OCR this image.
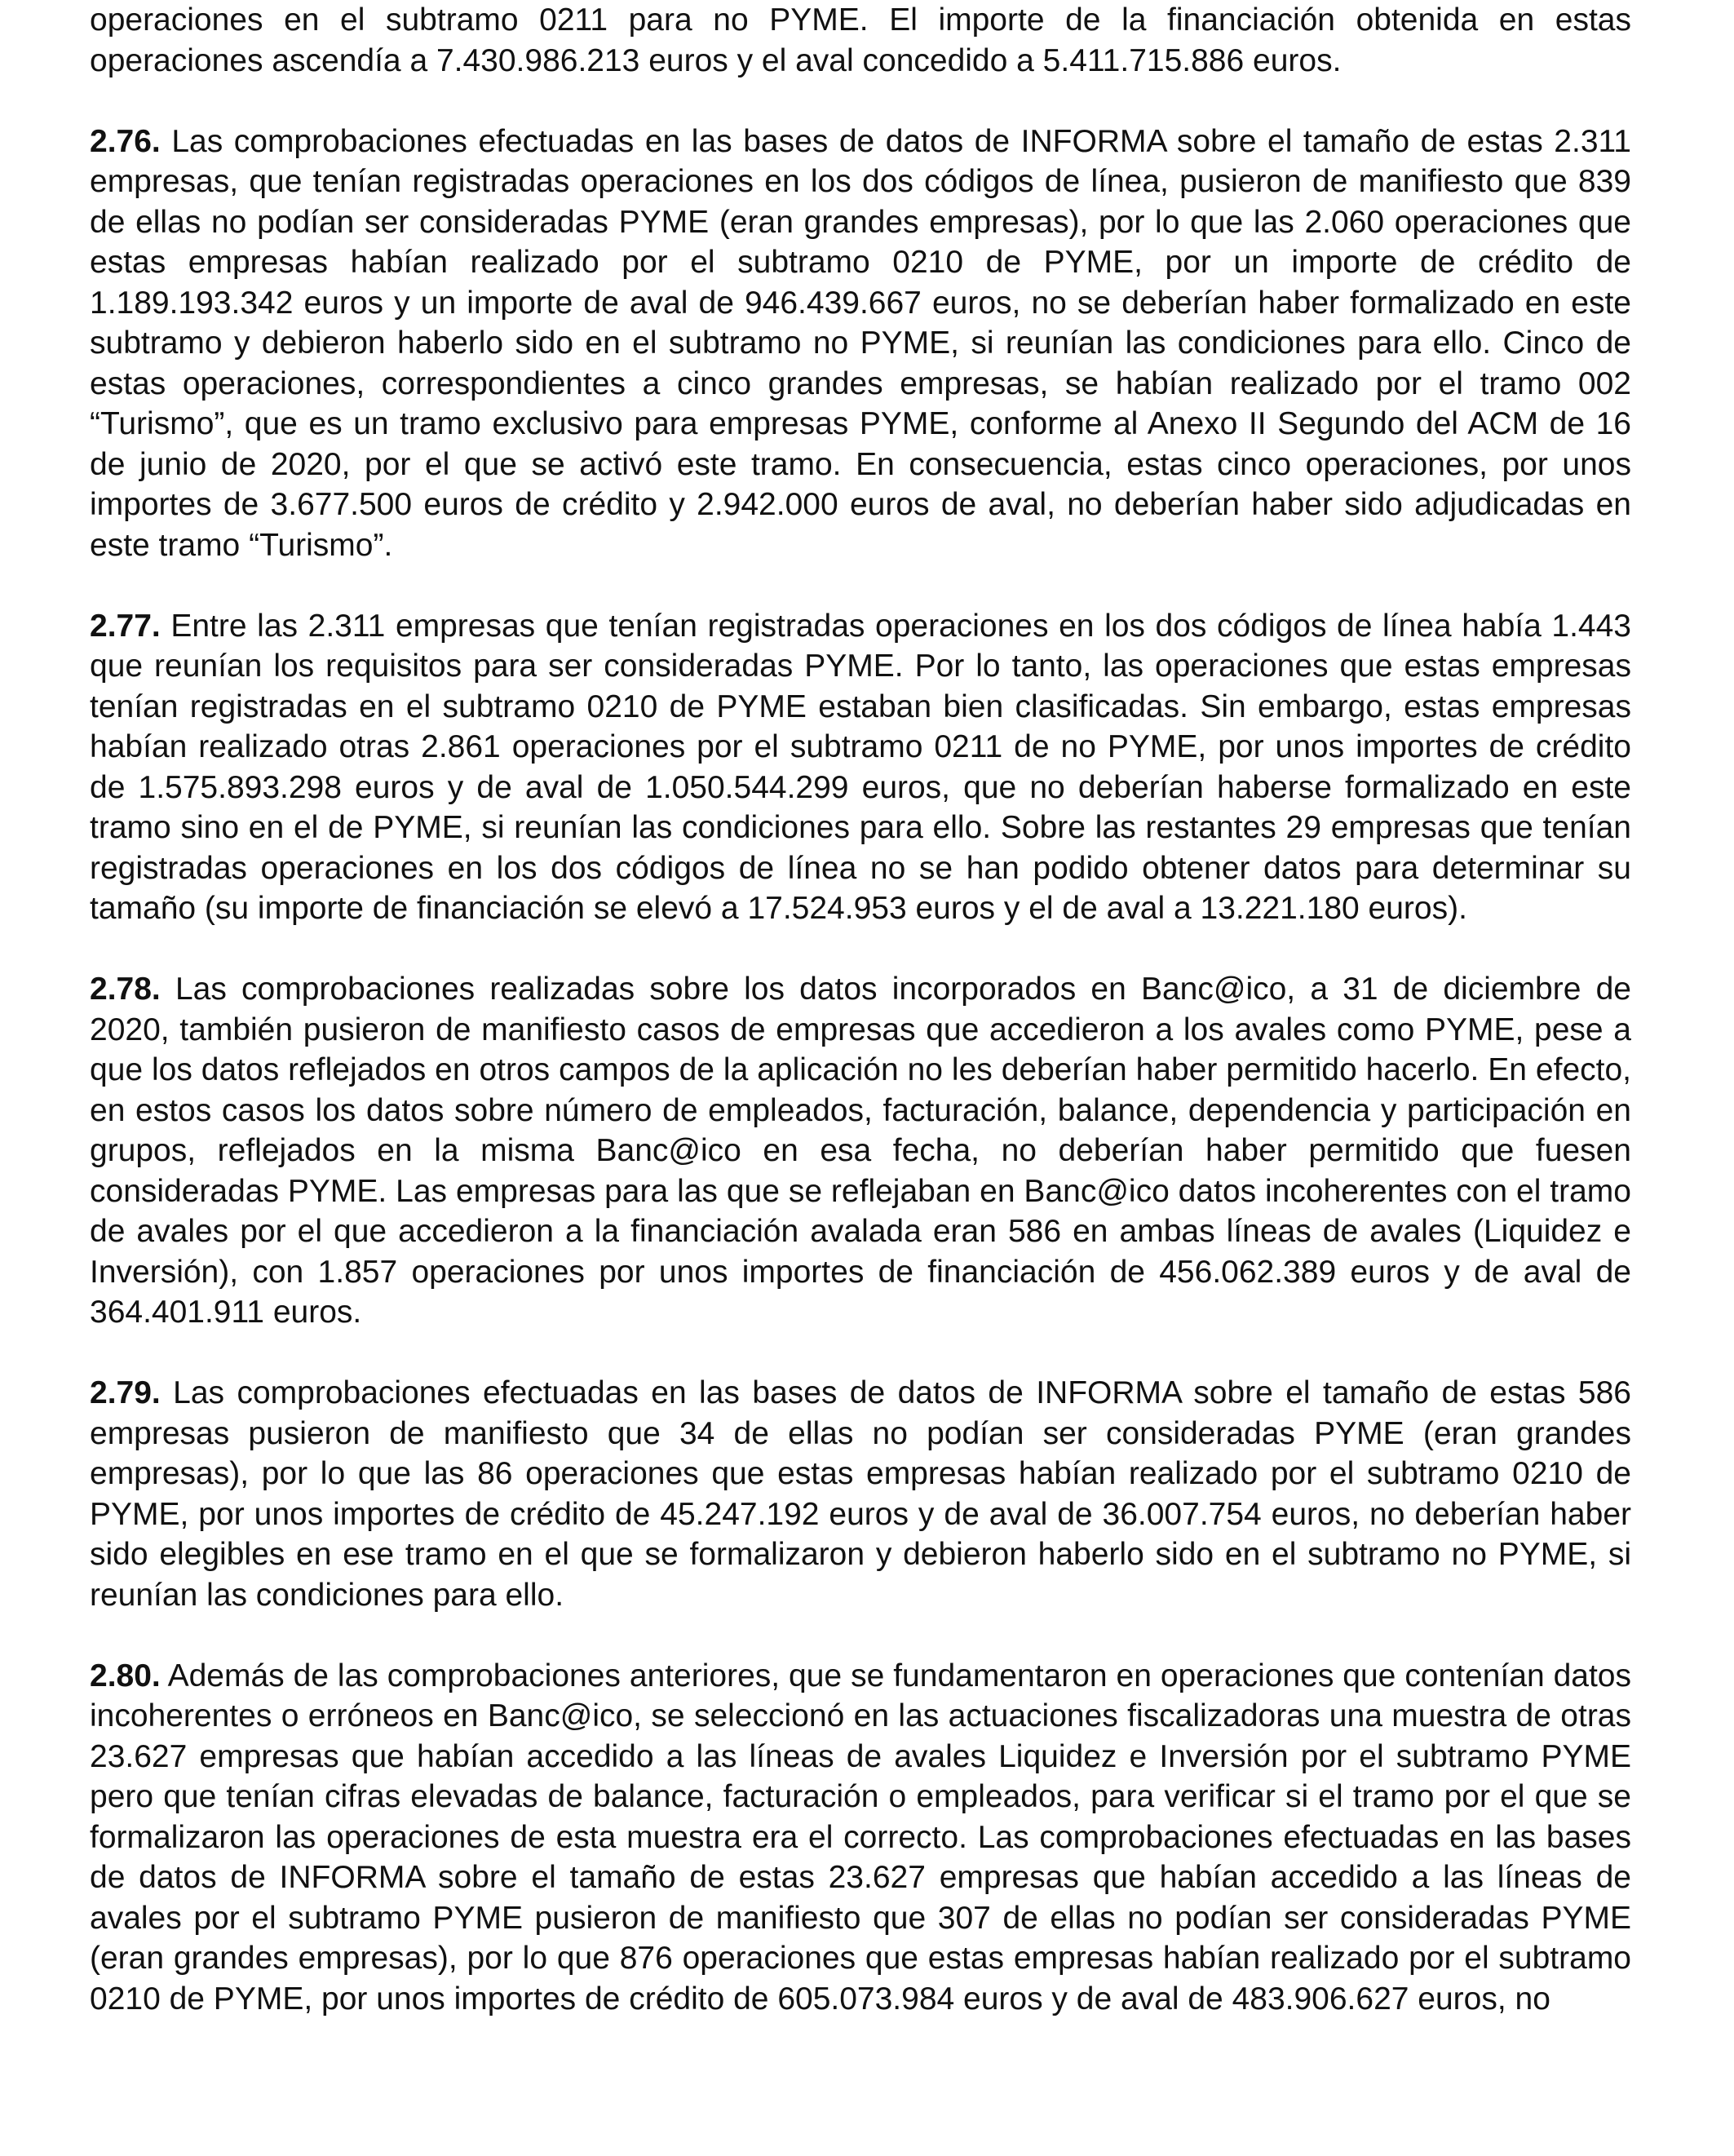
operaciones en el subtramo 0211 para no PYME. El importe de la financiación obtenida en estas operaciones ascendía a 7.430.986.213 euros y el aval concedido a 5.411.715.886 euros.

2.76. Las comprobaciones efectuadas en las bases de datos de INFORMA sobre el tamaño de estas 2.311 empresas, que tenían registradas operaciones en los dos códigos de línea, pusieron de manifiesto que 839 de ellas no podían ser consideradas PYME (eran grandes empresas), por lo que las 2.060 operaciones que estas empresas habían realizado por el subtramo 0210 de PYME, por un importe de crédito de 1.189.193.342 euros y un importe de aval de 946.439.667 euros, no se deberían haber formalizado en este subtramo y debieron haberlo sido en el subtramo no PYME, si reunían las condiciones para ello. Cinco de estas operaciones, correspondientes a cinco grandes empresas, se habían realizado por el tramo 002 “Turismo”, que es un tramo exclusivo para empresas PYME, conforme al Anexo II Segundo del ACM de 16 de junio de 2020, por el que se activó este tramo. En consecuencia, estas cinco operaciones, por unos importes de 3.677.500 euros de crédito y 2.942.000 euros de aval, no deberían haber sido adjudicadas en este tramo “Turismo”.

2.77. Entre las 2.311 empresas que tenían registradas operaciones en los dos códigos de línea había 1.443 que reunían los requisitos para ser consideradas PYME. Por lo tanto, las operaciones que estas empresas tenían registradas en el subtramo 0210 de PYME estaban bien clasificadas. Sin embargo, estas empresas habían realizado otras 2.861 operaciones por el subtramo 0211 de no PYME, por unos importes de crédito de 1.575.893.298 euros y de aval de 1.050.544.299 euros, que no deberían haberse formalizado en este tramo sino en el de PYME, si reunían las condiciones para ello. Sobre las restantes 29 empresas que tenían registradas operaciones en los dos códigos de línea no se han podido obtener datos para determinar su tamaño (su importe de financiación se elevó a 17.524.953 euros y el de aval a 13.221.180 euros).

2.78. Las comprobaciones realizadas sobre los datos incorporados en Banc@ico, a 31 de diciembre de 2020, también pusieron de manifiesto casos de empresas que accedieron a los avales como PYME, pese a que los datos reflejados en otros campos de la aplicación no les deberían haber permitido hacerlo. En efecto, en estos casos los datos sobre número de empleados, facturación, balance, dependencia y participación en grupos, reflejados en la misma Banc@ico en esa fecha, no deberían haber permitido que fuesen consideradas PYME. Las empresas para las que se reflejaban en Banc@ico datos incoherentes con el tramo de avales por el que accedieron a la financiación avalada eran 586 en ambas líneas de avales (Liquidez e Inversión), con 1.857 operaciones por unos importes de financiación de 456.062.389 euros y de aval de 364.401.911 euros.

2.79. Las comprobaciones efectuadas en las bases de datos de INFORMA sobre el tamaño de estas 586 empresas pusieron de manifiesto que 34 de ellas no podían ser consideradas PYME (eran grandes empresas), por lo que las 86 operaciones que estas empresas habían realizado por el subtramo 0210 de PYME, por unos importes de crédito de 45.247.192 euros y de aval de 36.007.754 euros, no deberían haber sido elegibles en ese tramo en el que se formalizaron y debieron haberlo sido en el subtramo no PYME, si reunían las condiciones para ello.

2.80. Además de las comprobaciones anteriores, que se fundamentaron en operaciones que contenían datos incoherentes o erróneos en Banc@ico, se seleccionó en las actuaciones fiscalizadoras una muestra de otras 23.627 empresas que habían accedido a las líneas de avales Liquidez e Inversión por el subtramo PYME pero que tenían cifras elevadas de balance, facturación o empleados, para verificar si el tramo por el que se formalizaron las operaciones de esta muestra era el correcto. Las comprobaciones efectuadas en las bases de datos de INFORMA sobre el tamaño de estas 23.627 empresas que habían accedido a las líneas de avales por el subtramo PYME pusieron de manifiesto que 307 de ellas no podían ser consideradas PYME (eran grandes empresas), por lo que 876 operaciones que estas empresas habían realizado por el subtramo 0210 de PYME, por unos importes de crédito de 605.073.984 euros y de aval de 483.906.627 euros, no
